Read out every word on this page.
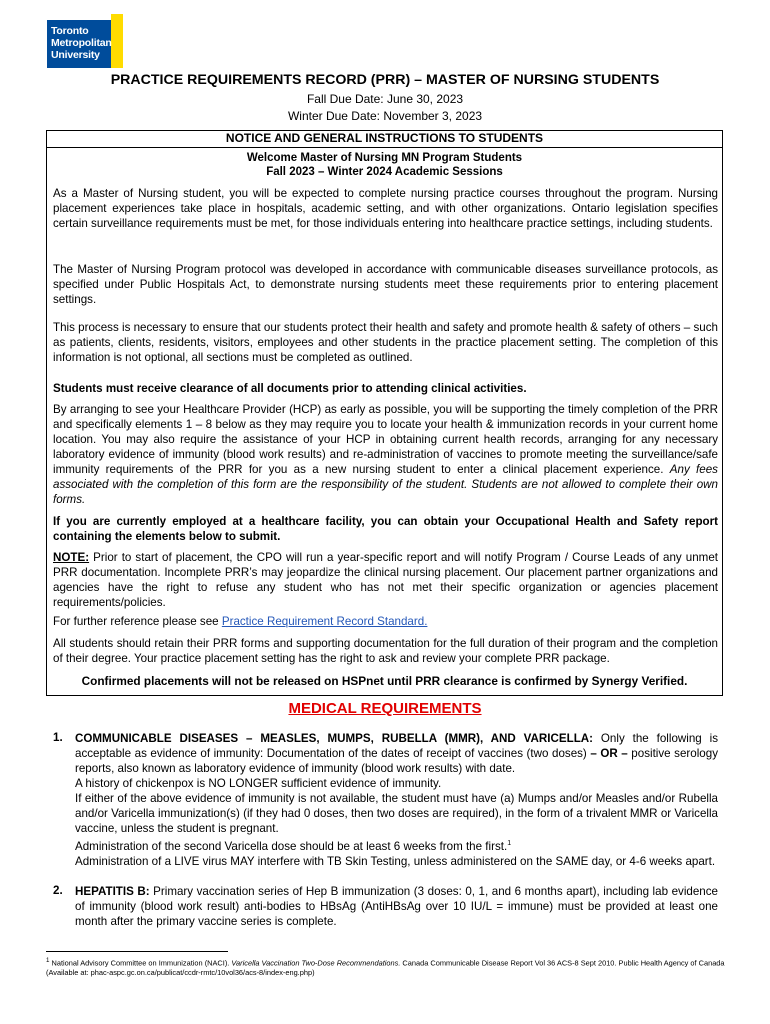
Toronto
Metropolitan
University
PRACTICE REQUIREMENTS RECORD (PRR) – MASTER OF NURSING STUDENTS
Fall Due Date: June 30, 2023
Winter Due Date: November 3, 2023
NOTICE AND GENERAL INSTRUCTIONS TO STUDENTS
Welcome Master of Nursing MN Program Students
Fall 2023 – Winter 2024 Academic Sessions
As a Master of Nursing student, you will be expected to complete nursing practice courses throughout the program. Nursing placement experiences take place in hospitals, academic setting, and with other organizations. Ontario legislation specifies certain surveillance requirements must be met, for those individuals entering into healthcare practice settings, including students.
The Master of Nursing Program protocol was developed in accordance with communicable diseases surveillance protocols, as specified under Public Hospitals Act, to demonstrate nursing students meet these requirements prior to entering placement settings.
This process is necessary to ensure that our students protect their health and safety and promote health & safety of others – such as patients, clients, residents, visitors, employees and other students in the practice placement setting. The completion of this information is not optional, all sections must be completed as outlined.
Students must receive clearance of all documents prior to attending clinical activities.
By arranging to see your Healthcare Provider (HCP) as early as possible, you will be supporting the timely completion of the PRR and specifically elements 1 – 8 below as they may require you to locate your health & immunization records in your current home location. You may also require the assistance of your HCP in obtaining current health records, arranging for any necessary laboratory evidence of immunity (blood work results) and re-administration of vaccines to promote meeting the surveillance/safe immunity requirements of the PRR for you as a new nursing student to enter a clinical placement experience. Any fees associated with the completion of this form are the responsibility of the student. Students are not allowed to complete their own forms.
If you are currently employed at a healthcare facility, you can obtain your Occupational Health and Safety report containing the elements below to submit.
NOTE: Prior to start of placement, the CPO will run a year-specific report and will notify Program / Course Leads of any unmet PRR documentation. Incomplete PRR’s may jeopardize the clinical nursing placement. Our placement partner organizations and agencies have the right to refuse any student who has not met their specific organization or agencies placement requirements/policies.
For further reference please see Practice Requirement Record Standard.
All students should retain their PRR forms and supporting documentation for the full duration of their program and the completion of their degree. Your practice placement setting has the right to ask and review your complete PRR package.
Confirmed placements will not be released on HSPnet until PRR clearance is confirmed by Synergy Verified.
MEDICAL REQUIREMENTS
1. COMMUNICABLE DISEASES – MEASLES, MUMPS, RUBELLA (MMR), AND VARICELLA: Only the following is acceptable as evidence of immunity: Documentation of the dates of receipt of vaccines (two doses) – OR – positive serology reports, also known as laboratory evidence of immunity (blood work results) with date.
A history of chickenpox is NO LONGER sufficient evidence of immunity.
If either of the above evidence of immunity is not available, the student must have (a) Mumps and/or Measles and/or Rubella and/or Varicella immunization(s) (if they had 0 doses, then two doses are required), in the form of a trivalent MMR or Varicella vaccine, unless the student is pregnant.
Administration of the second Varicella dose should be at least 6 weeks from the first.$^1$
Administration of a LIVE virus MAY interfere with TB Skin Testing, unless administered on the SAME day, or 4-6 weeks apart.
2. HEPATITIS B: Primary vaccination series of Hep B immunization (3 doses: 0, 1, and 6 months apart), including lab evidence of immunity (blood work result) anti-bodies to HBsAg (AntiHBsAg over 10 IU/L = immune) must be provided at least one month after the primary vaccine series is complete.
$^1$ National Advisory Committee on Immunization (NACI). Varicella Vaccination Two-Dose Recommendations. Canada Communicable Disease Report Vol 36 ACS-8 Sept 2010. Public Health Agency of Canada (Available at: phac-aspc.gc.on.ca/publicat/ccdr-rmtc/10vol36/acs-8/index-eng.php)
